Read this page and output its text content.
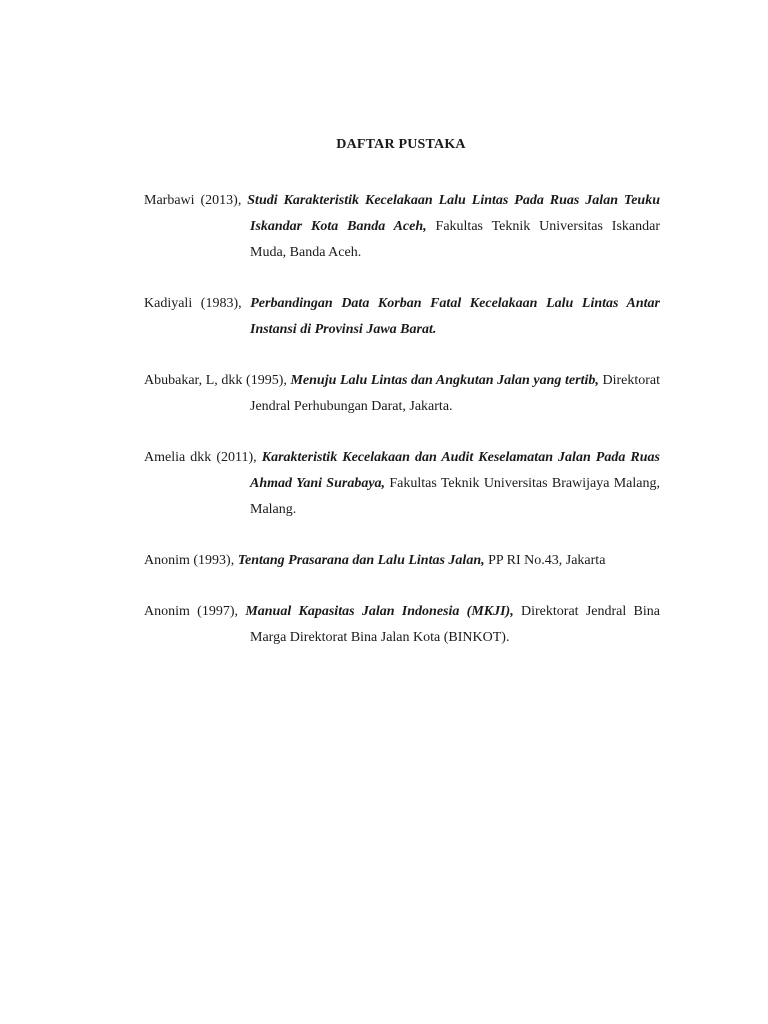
DAFTAR PUSTAKA
Marbawi (2013), Studi Karakteristik Kecelakaan Lalu Lintas Pada Ruas Jalan Teuku Iskandar Kota Banda Aceh, Fakultas Teknik Universitas Iskandar Muda, Banda Aceh.
Kadiyali (1983), Perbandingan Data Korban Fatal Kecelakaan Lalu Lintas Antar Instansi di Provinsi Jawa Barat.
Abubakar, L, dkk (1995), Menuju Lalu Lintas dan Angkutan Jalan yang tertib, Direktorat Jendral Perhubungan Darat, Jakarta.
Amelia dkk (2011), Karakteristik Kecelakaan dan Audit Keselamatan Jalan Pada Ruas Ahmad Yani Surabaya, Fakultas Teknik Universitas Brawijaya Malang, Malang.
Anonim (1993), Tentang Prasarana dan Lalu Lintas Jalan, PP RI No.43, Jakarta
Anonim (1997), Manual Kapasitas Jalan Indonesia (MKJI), Direktorat Jendral Bina Marga Direktorat Bina Jalan Kota (BINKOT).
